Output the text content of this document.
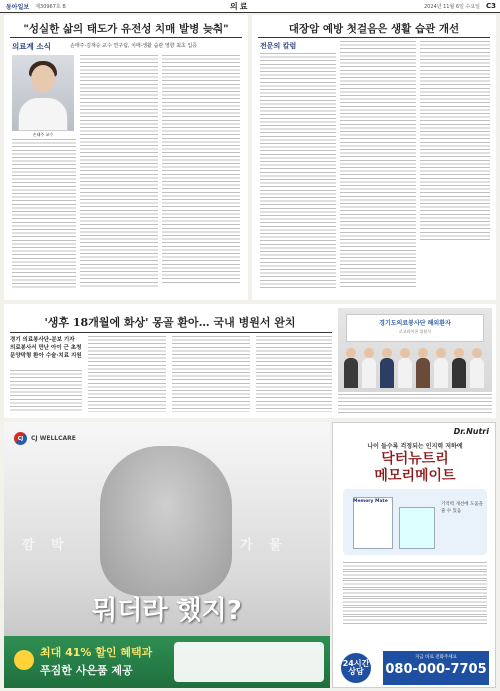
동아일보 제30967호 B	의료	2024년 11월 6일 수요일 C3
"성실한 삶의 태도가 유전성 치매 발병 늦춰"
의료계 소식	손태주·김재승 교수 연구팀, 치매·생활 습관 영향 최초 입증
손태주 교수
대장암 예방 첫걸음은 생활 습관 개선
전문의 칼럼
'생후 18개월에 화상' 몽골 환아… 국내 병원서 완치
경기 의료봉사단-분보 기자
의료봉사서 만난 아이 근 초청
문양막형 환아 수술·치료 지원
경기도의료봉사단 해외환자
로고라이콘 입원식
CJ	CJ WELLCARE
깜 박	가 물
뭐더라 했지?
최대 41% 할인 혜택과
푸짐한 사은품 제공
Dr.Nutri
나이 들수록 걱정되는 인지력 저하에
닥터뉴트리
메모리메이트
Memory Mate
기억력 개선에 도움을 줄 수 있음
24시간 상담
지금 바로 전화주세요
080-000-7705
